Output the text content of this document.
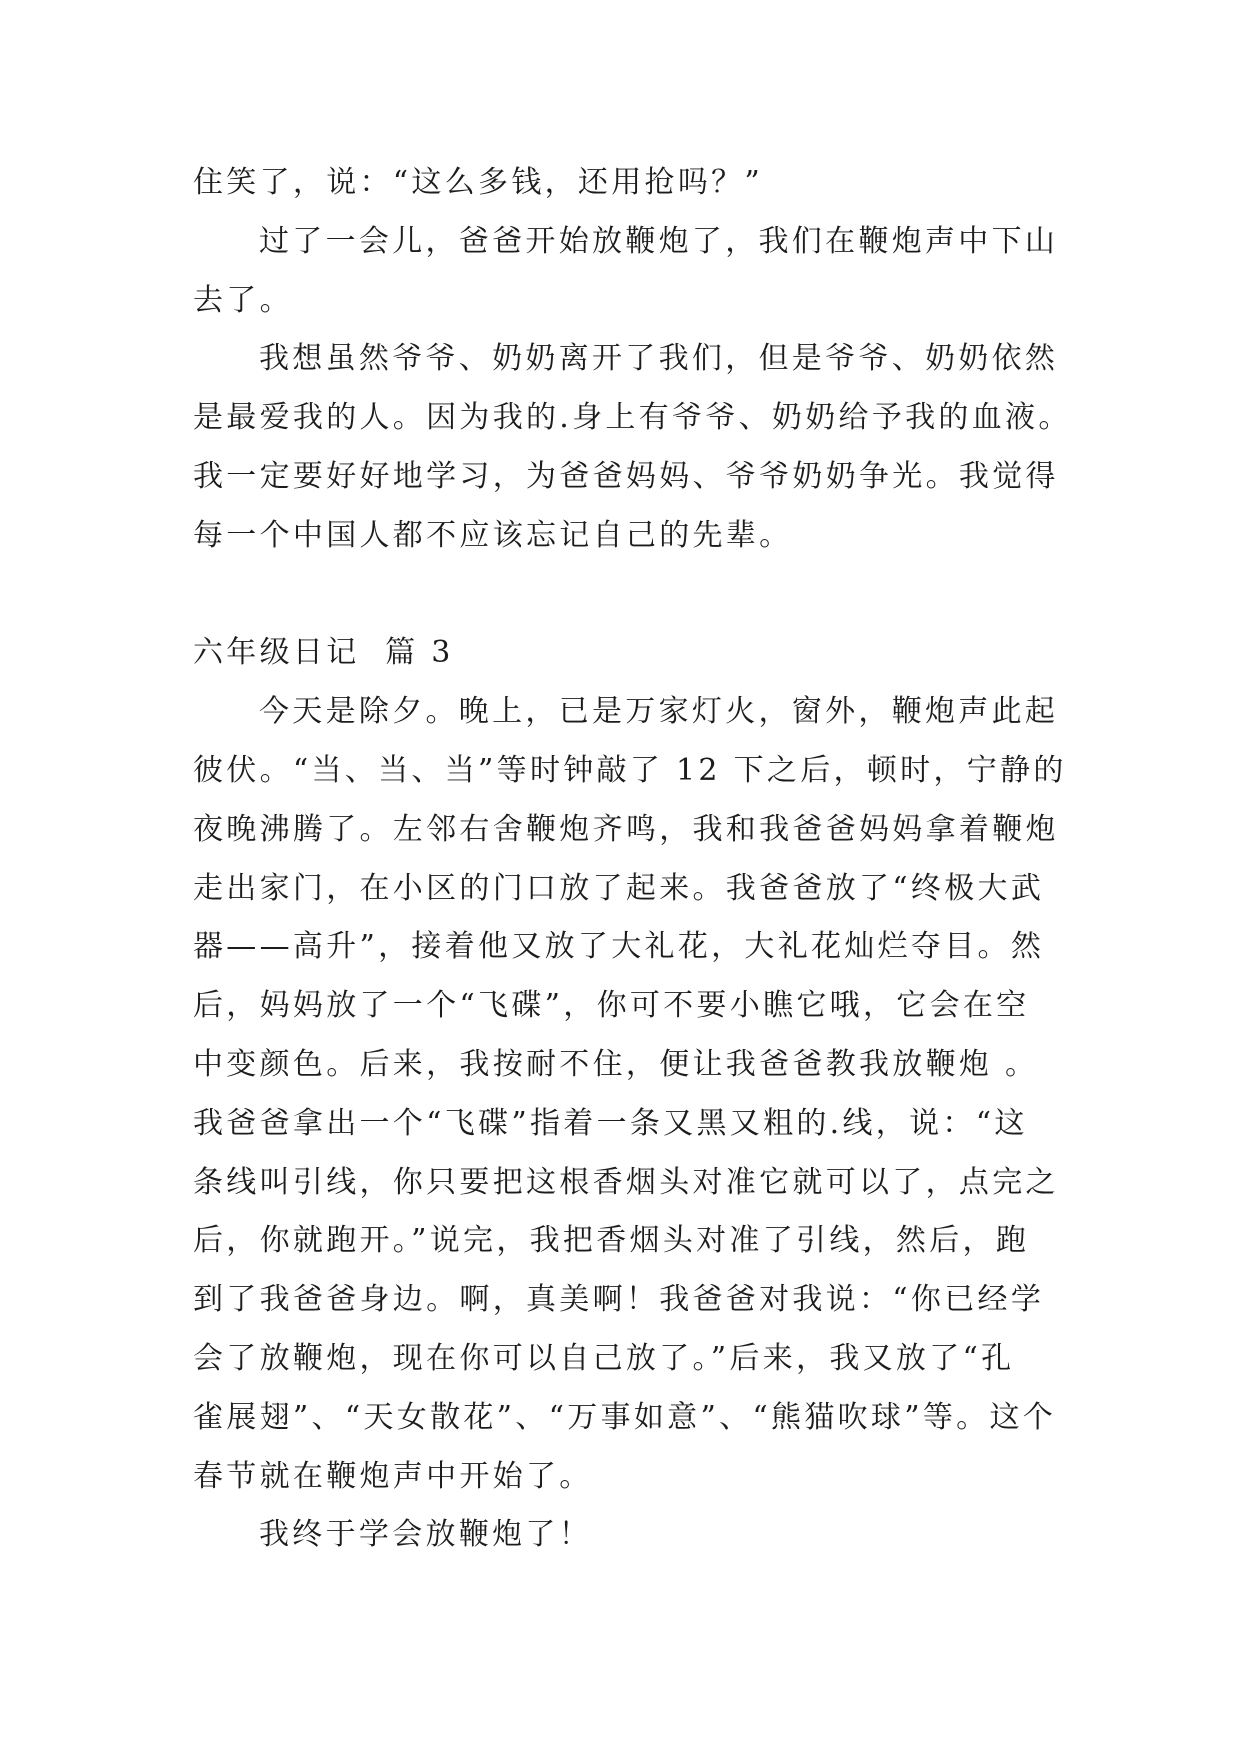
住笑了，说：“这么多钱，还用抢吗？”
过了一会儿，爸爸开始放鞭炮了，我们在鞭炮声中下山
去了。
我想虽然爷爷、奶奶离开了我们，但是爷爷、奶奶依然
是最爱我的人。因为我的.身上有爷爷、奶奶给予我的血液。
我一定要好好地学习，为爸爸妈妈、爷爷奶奶争光。我觉得
每一个中国人都不应该忘记自己的先辈。
六年级日记  篇 3
今天是除夕。晚上，已是万家灯火，窗外，鞭炮声此起
彼伏。“当、当、当”等时钟敲了 12 下之后，顿时，宁静的
夜晚沸腾了。左邻右舍鞭炮齐鸣，我和我爸爸妈妈拿着鞭炮
走出家门，在小区的门口放了起来。我爸爸放了“终极大武
器——高升”，接着他又放了大礼花，大礼花灿烂夺目。然
后，妈妈放了一个“飞碟”，你可不要小瞧它哦，它会在空
中变颜色。后来，我按耐不住，便让我爸爸教我放鞭炮 。
我爸爸拿出一个“飞碟”指着一条又黑又粗的.线，说：“这
条线叫引线，你只要把这根香烟头对准它就可以了，点完之
后，你就跑开。”说完，我把香烟头对准了引线，然后，跑
到了我爸爸身边。啊，真美啊！我爸爸对我说：“你已经学
会了放鞭炮，现在你可以自己放了。”后来，我又放了“孔
雀展翅”、“天女散花”、“万事如意”、“熊猫吹球”等。这个
春节就在鞭炮声中开始了。
我终于学会放鞭炮了！
